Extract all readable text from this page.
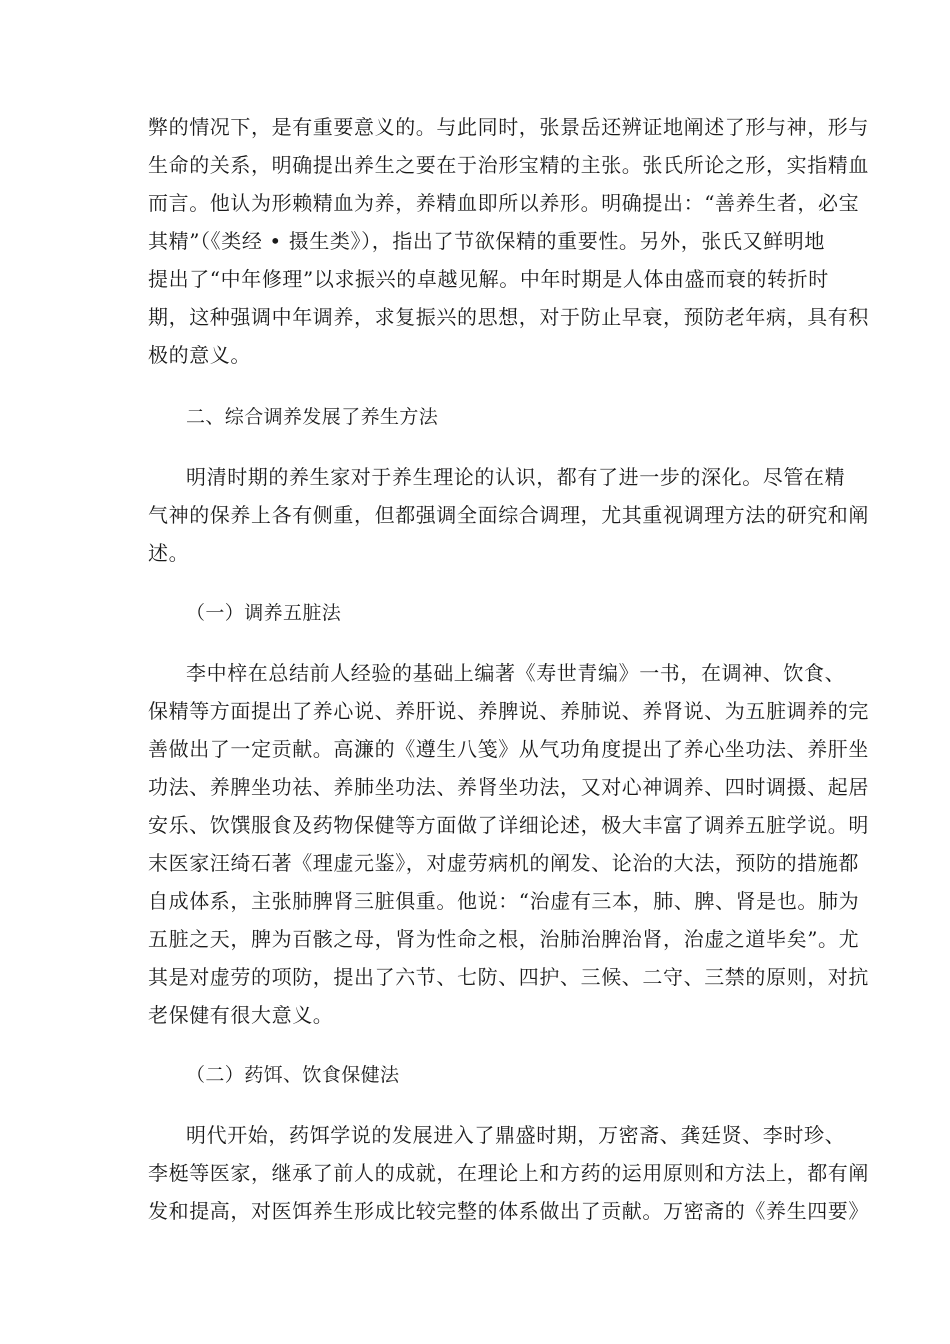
弊的情况下，是有重要意义的。与此同时，张景岳还辨证地阐述了形与神，形与
生命的关系，明确提出养生之要在于治形宝精的主张。张氏所论之形，实指精血
而言。他认为形赖精血为养，养精血即所以养形。明确提出：“善养生者，必宝
其精”（《类经 • 摄生类》），指出了节欲保精的重要性。另外，张氏又鲜明地
提出了“中年修理”以求振兴的卓越见解。中年时期是人体由盛而衰的转折时
期，这种强调中年调养，求复振兴的思想，对于防止早衰，预防老年病，具有积
极的意义。
二、综合调养发展了养生方法
明清时期的养生家对于养生理论的认识，都有了进一步的深化。尽管在精
气神的保养上各有侧重，但都强调全面综合调理，尤其重视调理方法的研究和阐
述。
（一）调养五脏法
李中梓在总结前人经验的基础上编著《寿世青编》一书，在调神、饮食、
保精等方面提出了养心说、养肝说、养脾说、养肺说、养肾说、为五脏调养的完
善做出了一定贡献。高濂的《遵生八笺》从气功角度提出了养心坐功法、养肝坐
功法、养脾坐功祛、养肺坐功法、养肾坐功法，又对心神调养、四时调摄、起居
安乐、饮馔服食及药物保健等方面做了详细论述，极大丰富了调养五脏学说。明
末医家汪绮石著《理虚元鉴》，对虚劳病机的阐发、论治的大法，预防的措施都
自成体系，主张肺脾肾三脏俱重。他说：“治虚有三本，肺、脾、肾是也。肺为
五脏之天，脾为百骸之母，肾为性命之根，治肺治脾治肾，治虚之道毕矣”。尤
其是对虚劳的项防，提出了六节、七防、四护、三候、二守、三禁的原则，对抗
老保健有很大意义。
（二）药饵、饮食保健法
明代开始，药饵学说的发展进入了鼎盛时期，万密斋、龚廷贤、李时珍、
李梃等医家，继承了前人的成就，在理论上和方药的运用原则和方法上，都有阐
发和提高，对医饵养生形成比较完整的体系做出了贡献。万密斋的《养生四要》
